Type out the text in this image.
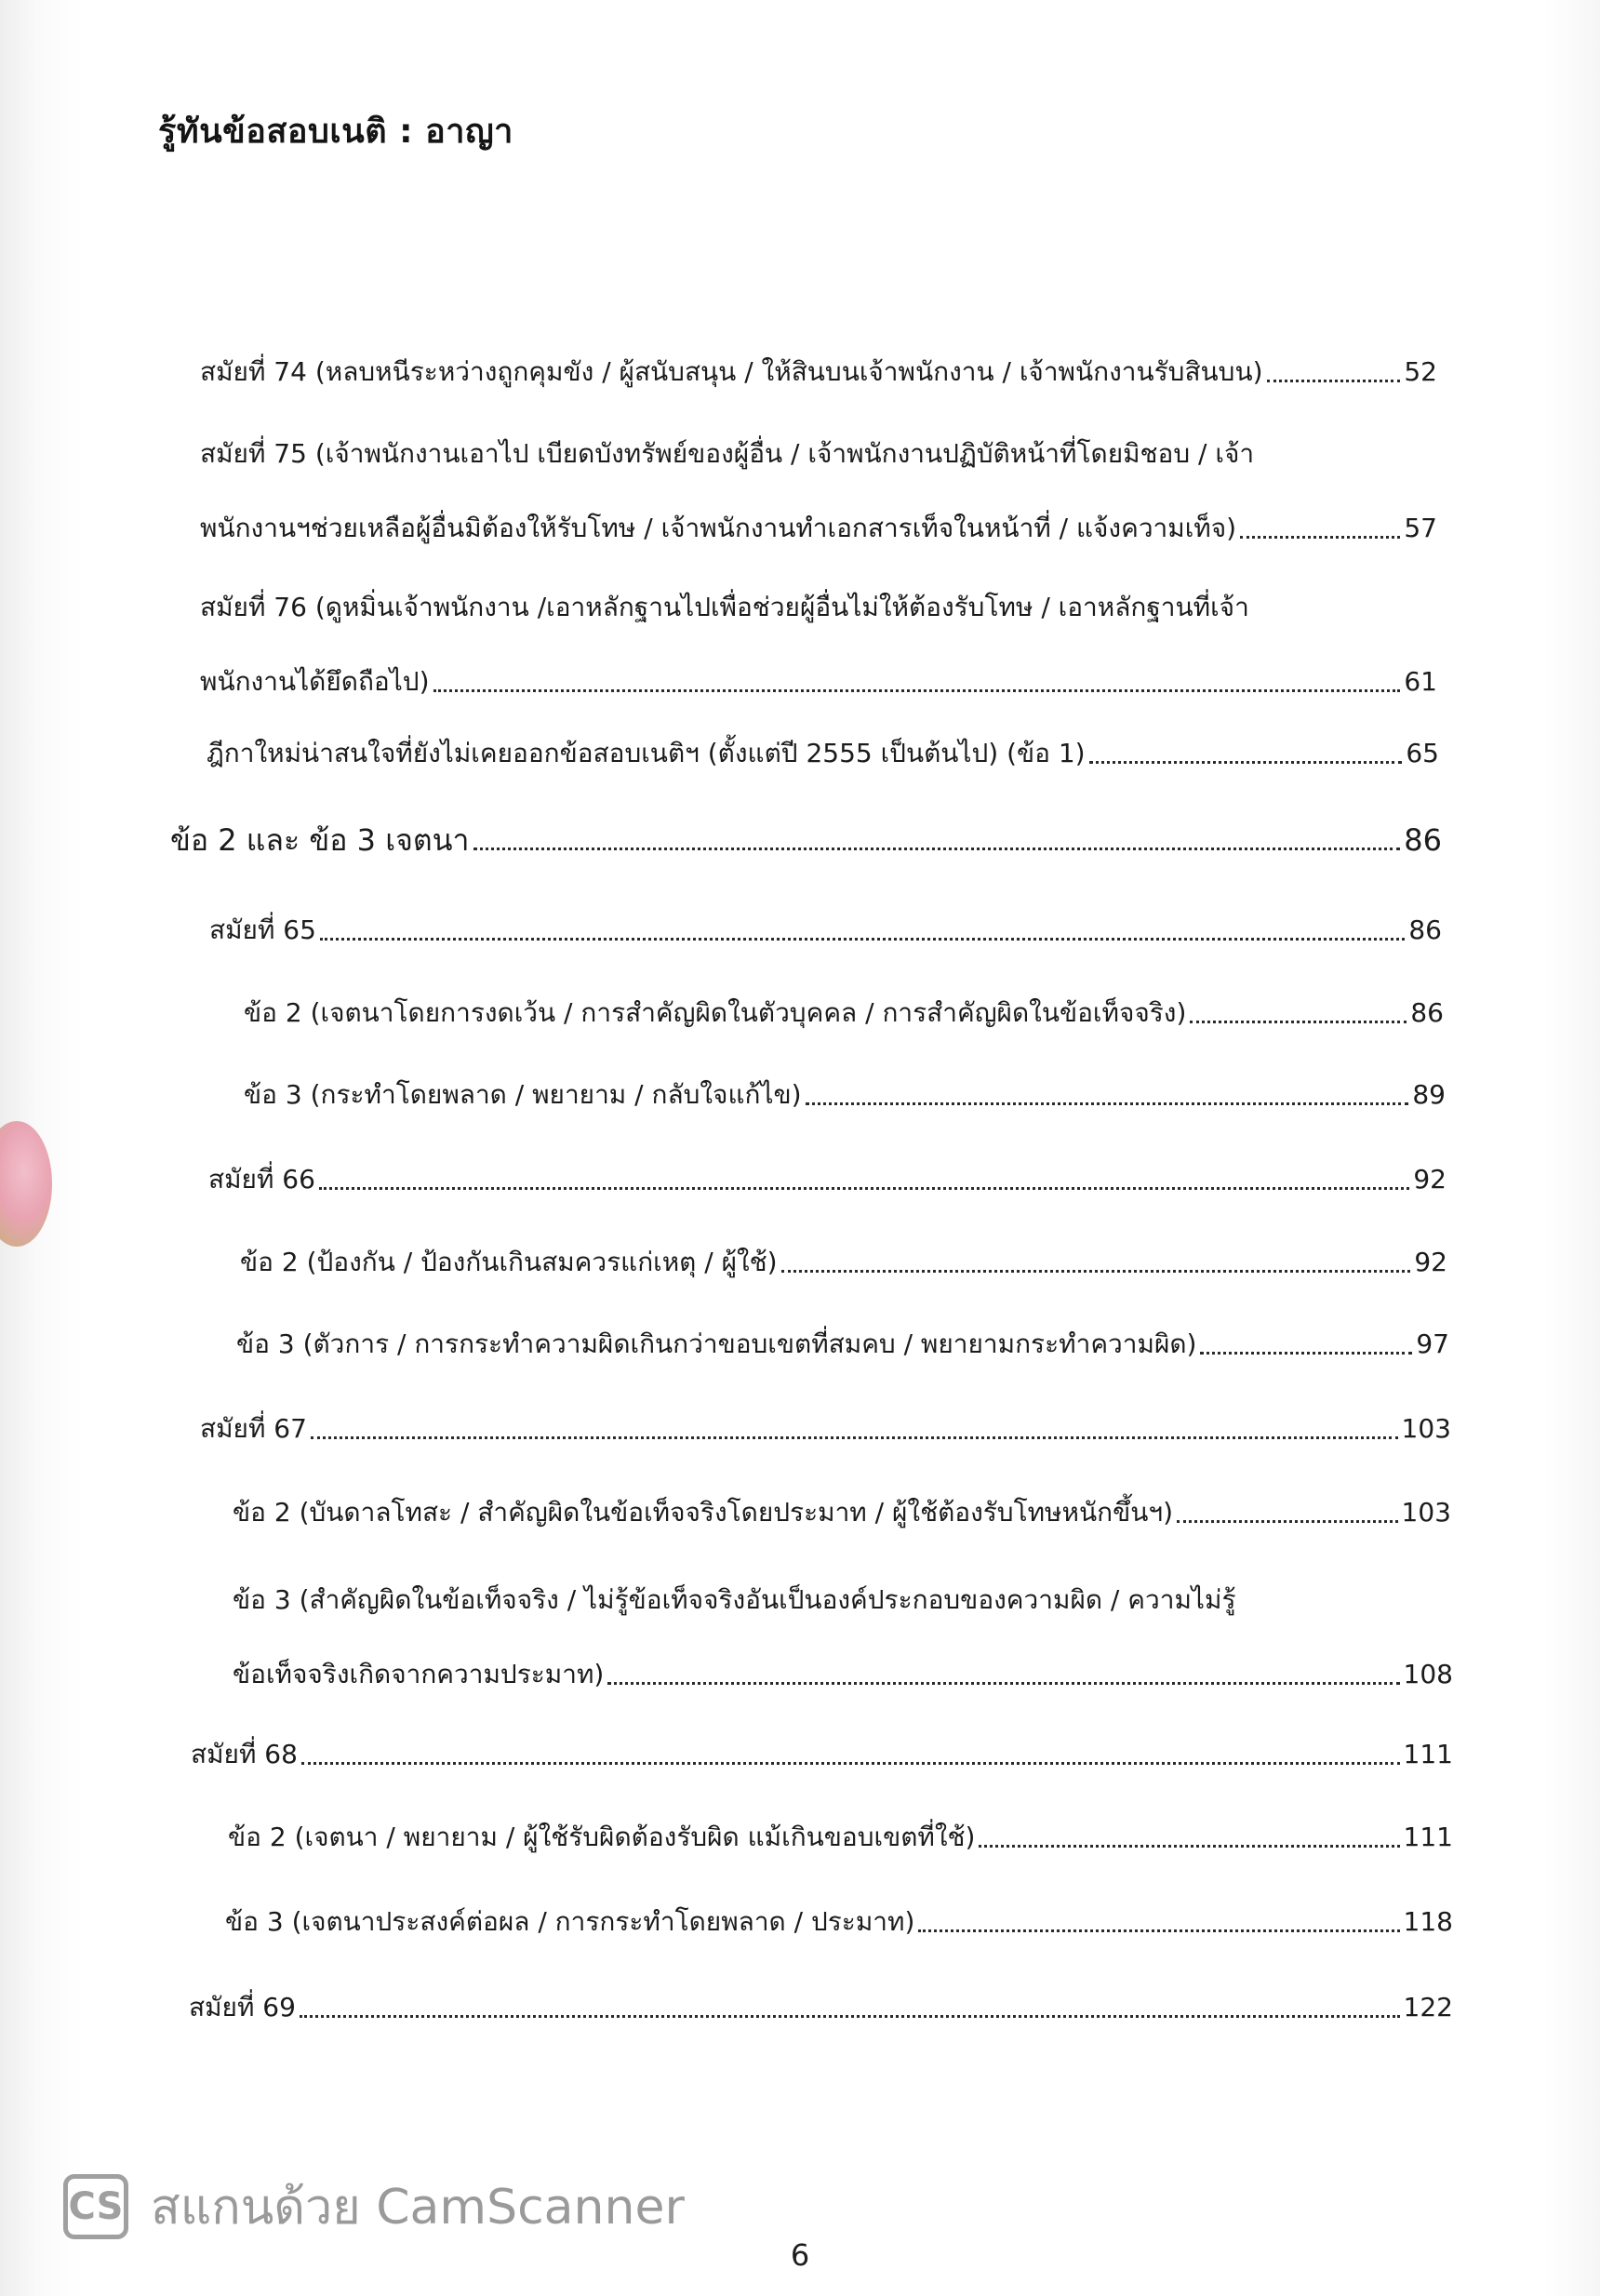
รู้ทันข้อสอบเนติ : อาญา
สมัยที่ 74 (หลบหนีระหว่างถูกคุมขัง / ผู้สนับสนุน / ให้สินบนเจ้าพนักงาน / เจ้าพนักงานรับสินบน)	52
สมัยที่ 75 (เจ้าพนักงานเอาไป เบียดบังทรัพย์ของผู้อื่น / เจ้าพนักงานปฏิบัติหน้าที่โดยมิชอบ / เจ้า
พนักงานฯช่วยเหลือผู้อื่นมิต้องให้รับโทษ / เจ้าพนักงานทำเอกสารเท็จในหน้าที่ / แจ้งความเท็จ)	57
สมัยที่ 76 (ดูหมิ่นเจ้าพนักงาน /เอาหลักฐานไปเพื่อช่วยผู้อื่นไม่ให้ต้องรับโทษ / เอาหลักฐานที่เจ้า
พนักงานได้ยึดถือไป)	61
ฎีกาใหม่น่าสนใจที่ยังไม่เคยออกข้อสอบเนติฯ (ตั้งแต่ปี 2555 เป็นต้นไป) (ข้อ 1)	65
ข้อ 2 และ ข้อ 3 เจตนา	86
สมัยที่ 65	86
ข้อ 2 (เจตนาโดยการงดเว้น / การสำคัญผิดในตัวบุคคล / การสำคัญผิดในข้อเท็จจริง)	86
ข้อ 3 (กระทำโดยพลาด / พยายาม / กลับใจแก้ไข)	89
สมัยที่ 66	92
ข้อ 2 (ป้องกัน / ป้องกันเกินสมควรแก่เหตุ / ผู้ใช้)	92
ข้อ 3 (ตัวการ / การกระทำความผิดเกินกว่าขอบเขตที่สมคบ / พยายามกระทำความผิด)	97
สมัยที่ 67	103
ข้อ 2 (บันดาลโทสะ / สำคัญผิดในข้อเท็จจริงโดยประมาท / ผู้ใช้ต้องรับโทษหนักขึ้นฯ)	103
ข้อ 3 (สำคัญผิดในข้อเท็จจริง / ไม่รู้ข้อเท็จจริงอันเป็นองค์ประกอบของความผิด / ความไม่รู้
ข้อเท็จจริงเกิดจากความประมาท)	108
สมัยที่ 68	111
ข้อ 2 (เจตนา / พยายาม / ผู้ใช้รับผิดต้องรับผิด แม้เกินขอบเขตที่ใช้)	111
ข้อ 3 (เจตนาประสงค์ต่อผล / การกระทำโดยพลาด / ประมาท)	118
สมัยที่ 69	122
CS สแกนด้วย CamScanner
6
